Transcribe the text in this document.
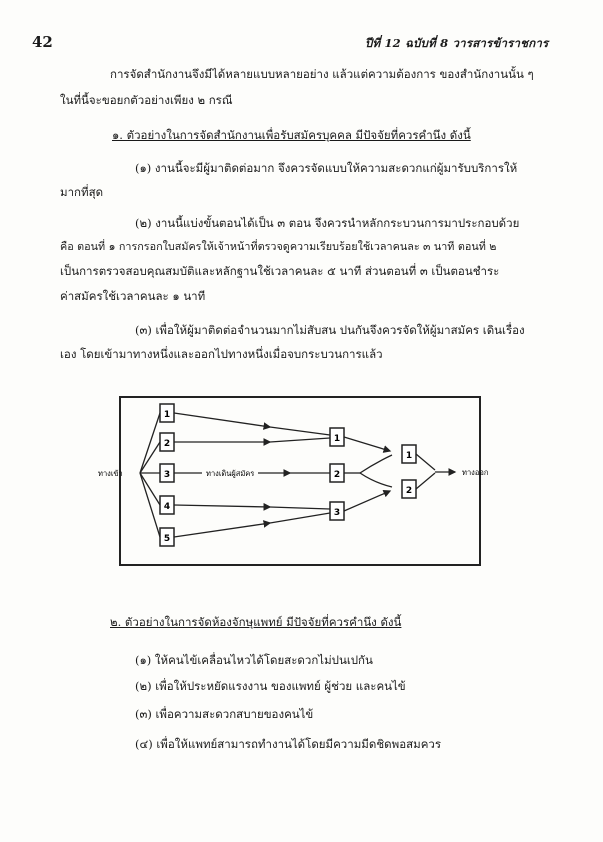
42	ปีที่ 12 ฉบับที่ 8 วารสารข้าราชการ
การจัดสำนักงานจึงมีได้หลายแบบหลายอย่าง แล้วแต่ความต้องการ ของสำนักงานนั้น ๆ
ในที่นี้จะขอยกตัวอย่างเพียง ๒ กรณี
๑. ตัวอย่างในการจัดสำนักงานเพื่อรับสมัครบุคคล มีปัจจัยที่ควรคำนึง ดังนี้
(๑) งานนี้จะมีผู้มาติดต่อมาก จึงควรจัดแบบให้ความสะดวกแก่ผู้มารับบริการให้
มากที่สุด
(๒) งานนี้แบ่งขั้นตอนได้เป็น ๓ ตอน จึงควรนำหลักกระบวนการมาประกอบด้วย
คือ ตอนที่ ๑ การกรอกใบสมัครให้เจ้าหน้าที่ตรวจดูความเรียบร้อยใช้เวลาคนละ ๓ นาที ตอนที่ ๒
เป็นการตรวจสอบคุณสมบัติและหลักฐานใช้เวลาคนละ ๕ นาที ส่วนตอนที่ ๓ เป็นตอนชำระ
ค่าสมัครใช้เวลาคนละ ๑ นาที
(๓) เพื่อให้ผู้มาติดต่อจำนวนมากไม่สับสน ปนกันจึงควรจัดให้ผู้มาสมัคร เดินเรื่อง
เอง โดยเข้ามาทางหนึ่งและออกไปทางหนึ่งเมื่อจบกระบวนการแล้ว
1
2
3
4
5
1
2
3
1
2
ทางเข้า	ทางเดินผู้สมัคร	ทางออก
๒. ตัวอย่างในการจัดห้องจักษุแพทย์ มีปัจจัยที่ควรคำนึง ดังนี้
(๑) ให้คนไข้เคลื่อนไหวได้โดยสะดวกไม่ปนเปกัน
(๒) เพื่อให้ประหยัดแรงงาน ของแพทย์ ผู้ช่วย และคนไข้
(๓) เพื่อความสะดวกสบายของคนไข้
(๔) เพื่อให้แพทย์สามารถทำงานได้โดยมีความมีดชิดพอสมควร
